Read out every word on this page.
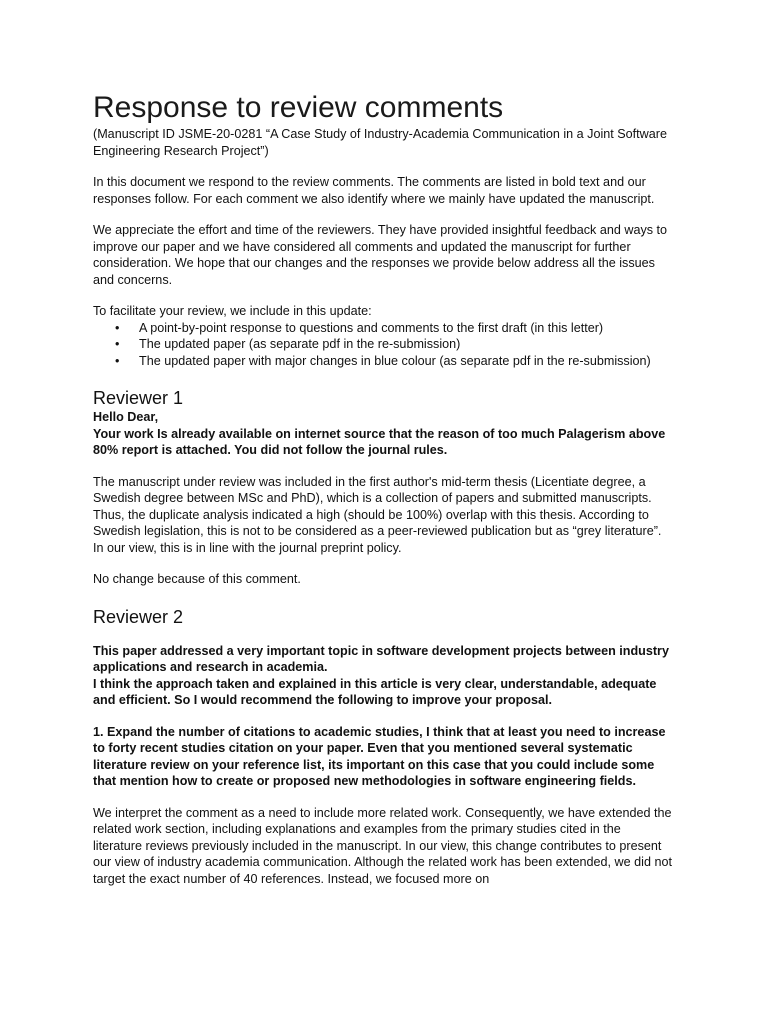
Response to review comments

(Manuscript ID JSME-20-0281 “A Case Study of Industry-Academia Communication in a Joint Software Engineering Research Project”)

In this document we respond to the review comments. The comments are listed in bold text and our responses follow. For each comment we also identify where we mainly have updated the manuscript.

We appreciate the effort and time of the reviewers. They have provided insightful feedback and ways to improve our paper and we have considered all comments and updated the manuscript for further consideration. We hope that our changes and the responses we provide below address all the issues and concerns.

To facilitate your review, we include in this update:

• A point-by-point response to questions and comments to the first draft (in this letter)
• The updated paper (as separate pdf in the re-submission)
• The updated paper with major changes in blue colour (as separate pdf in the re-submission)
Reviewer 1

Hello Dear,

Your work Is already available on internet source that the reason of too much Palagerism above 80% report is attached. You did not follow the journal rules.

The manuscript under review was included in the first author's mid-term thesis (Licentiate degree, a Swedish degree between MSc and PhD), which is a collection of papers and submitted manuscripts. Thus, the duplicate analysis indicated a high (should be 100%) overlap with this thesis. According to Swedish legislation, this is not to be considered as a peer-reviewed publication but as “grey literature”. In our view, this is in line with the journal preprint policy.

No change because of this comment.

Reviewer 2

This paper addressed a very important topic in software development projects between industry applications and research in academia.

I think the approach taken and explained in this article is very clear, understandable, adequate and efficient. So I would recommend the following to improve your proposal.

1. Expand the number of citations to academic studies, I think that at least you need to increase to forty recent studies citation on your paper. Even that you mentioned several systematic literature review on your reference list, its important on this case that you could include some that mention how to create or proposed new methodologies in software engineering fields.

We interpret the comment as a need to include more related work. Consequently, we have extended the related work section, including explanations and examples from the primary studies cited in the literature reviews previously included in the manuscript. In our view, this change contributes to present our view of industry academia communication. Although the related work has been extended, we did not target the exact number of 40 references. Instead, we focused more on
